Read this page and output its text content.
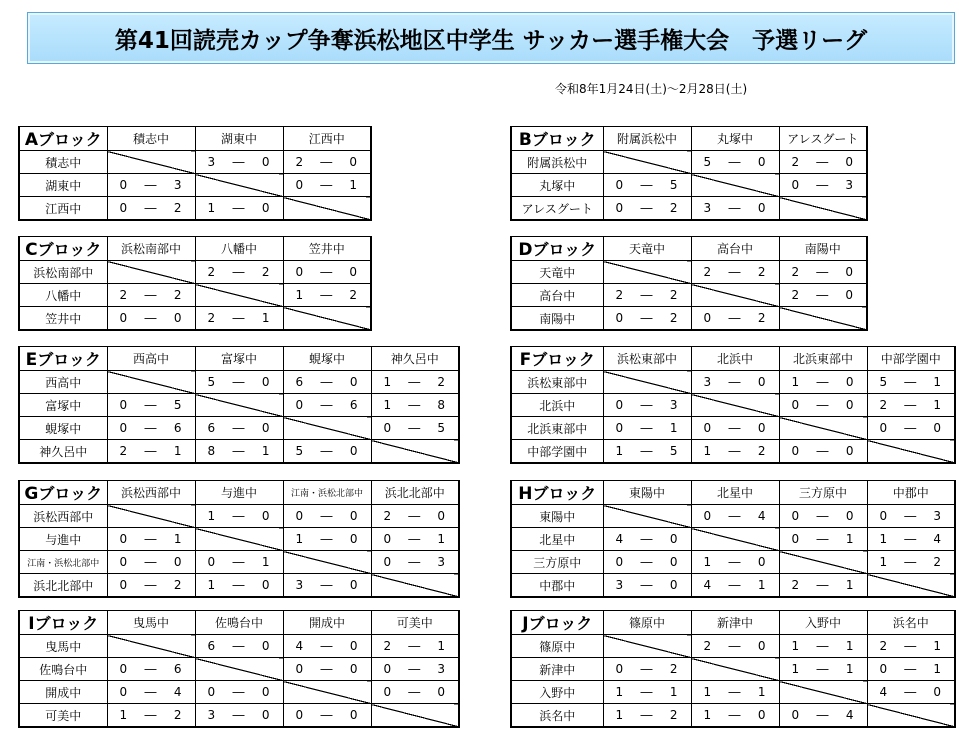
第41回読売カップ争奪浜松地区中学生 サッカー選手権大会　予選リーグ
令和8年1月24日(土)～2月28日(土)
Aブロック	積志中	湖東中	江西中
積志中		3 ― 0	2 ― 0

湖東中	0 ― 3		0 ― 1

江西中	0 ― 2	1 ― 0	

Bブロック	附属浜松中	丸塚中	アレスグート
附属浜松中		5 ― 0	2 ― 0

丸塚中	0 ― 5		0 ― 3

アレスグート	0 ― 2	3 ― 0	

Cブロック	浜松南部中	八幡中	笠井中
浜松南部中		2 ― 2	0 ― 0

八幡中	2 ― 2		1 ― 2

笠井中	0 ― 0	2 ― 1	

Dブロック	天竜中	高台中	南陽中
天竜中		2 ― 2	2 ― 0

高台中	2 ― 2		2 ― 0

南陽中	0 ― 2	0 ― 2	

Eブロック	西高中	富塚中	蜆塚中	神久呂中
西高中		5 ― 0	6 ― 0	1 ― 2

富塚中	0 ― 5		0 ― 6	1 ― 8

蜆塚中	0 ― 6	6 ― 0		0 ― 5

神久呂中	2 ― 1	8 ― 1	5 ― 0	

Fブロック	浜松東部中	北浜中	北浜東部中	中部学園中
浜松東部中		3 ― 0	1 ― 0	5 ― 1

北浜中	0 ― 3		0 ― 0	2 ― 1

北浜東部中	0 ― 1	0 ― 0		0 ― 0

中部学園中	1 ― 5	1 ― 2	0 ― 0	

Gブロック	浜松西部中	与進中	江南・浜松北部中	浜北北部中
浜松西部中		1 ― 0	0 ― 0	2 ― 0

与進中	0 ― 1		1 ― 0	0 ― 1

江南・浜松北部中	0 ― 0	0 ― 1		0 ― 3

浜北北部中	0 ― 2	1 ― 0	3 ― 0	

Hブロック	東陽中	北星中	三方原中	中郡中
東陽中		0 ― 4	0 ― 0	0 ― 3

北星中	4 ― 0		0 ― 1	1 ― 4

三方原中	0 ― 0	1 ― 0		1 ― 2

中郡中	3 ― 0	4 ― 1	2 ― 1	

Iブロック	曳馬中	佐鳴台中	開成中	可美中
曳馬中		6 ― 0	4 ― 0	2 ― 1

佐鳴台中	0 ― 6		0 ― 0	0 ― 3

開成中	0 ― 4	0 ― 0		0 ― 0

可美中	1 ― 2	3 ― 0	0 ― 0	

Jブロック	篠原中	新津中	入野中	浜名中
篠原中		2 ― 0	1 ― 1	2 ― 1

新津中	0 ― 2		1 ― 1	0 ― 1

入野中	1 ― 1	1 ― 1		4 ― 0

浜名中	1 ― 2	1 ― 0	0 ― 4	
